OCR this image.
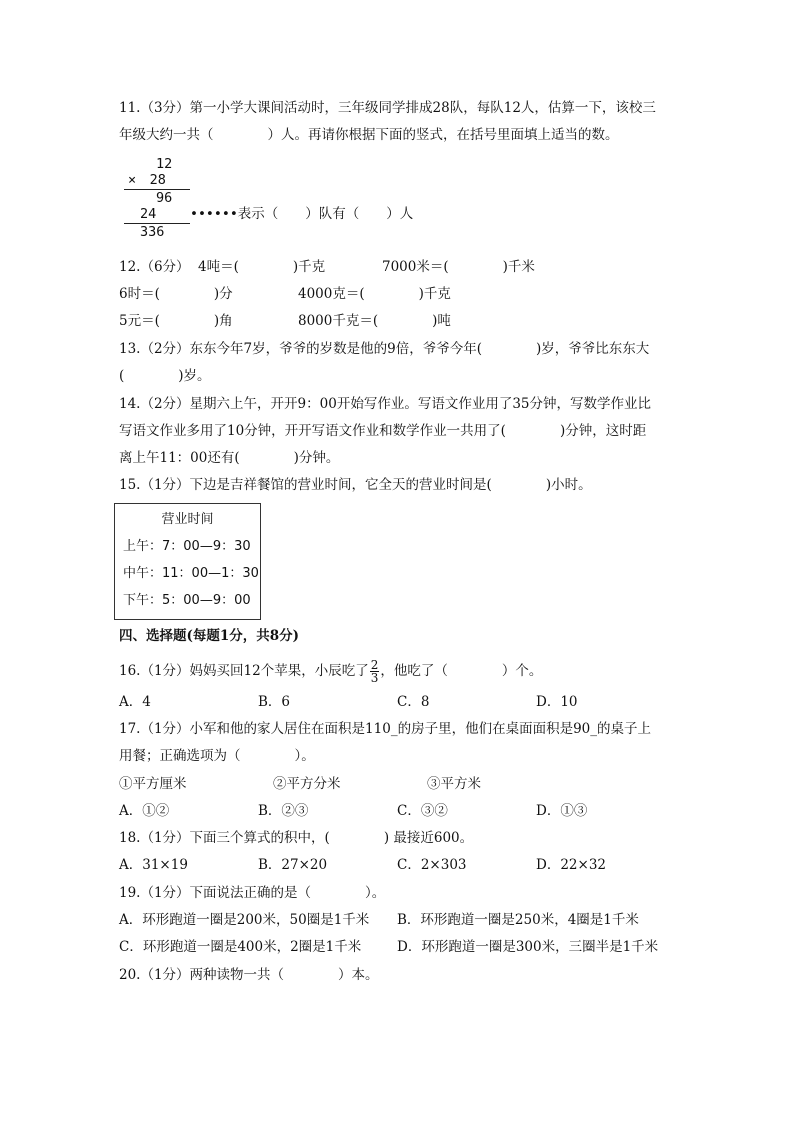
11.（3分）第一小学大课间活动时，三年级同学排成28队，每队12人，估算一下，该校三
年级大约一共（　　　　）人。再请你根据下面的竖式，在括号里面填上适当的数。
12
×　28
96
24
336
••••••表示（　　）队有（　　）人
12.（6分） 4吨＝(　　　　)千克	7000米＝(　　　　)千米
6时＝(　　　　)分	4000克＝(　　　　)千克
5元＝(　　　　)角	8000千克＝(　　　　)吨
13.（2分）东东今年7岁，爷爷的岁数是他的9倍，爷爷今年(　　　　)岁，爷爷比东东大
(　　　　)岁。
14.（2分）星期六上午，开开9：00开始写作业。写语文作业用了35分钟，写数学作业比
写语文作业多用了10分钟，开开写语文作业和数学作业一共用了(　　　　)分钟，这时距
离上午11：00还有(　　　　)分钟。
15.（1分）下边是吉祥餐馆的营业时间，它全天的营业时间是(　　　　)小时。
营业时间
上午：7：00—9：30
中午：11：00—1：30
下午：5：00—9：00
四、选择题(每题1分，共8分)
16.（1分）妈妈买回12个苹果，小辰吃了 $\frac{2}{3}$ ，他吃了（　　　　）个。
A．4	B．6	C．8	D．10
17.（1分）小军和他的家人居住在面积是110_的房子里，他们在桌面面积是90_的桌子上
用餐；正确选项为（　　　　）。
①平方厘米	②平方分米	③平方米
A．①②	B．②③	C．③②	D．①③
18.（1分）下面三个算式的积中，(　　　　) 最接近600。
A．31×19	B．27×20	C．2×303	D．22×32
19.（1分）下面说法正确的是（　　　　）。
A．环形跑道一圈是200米，50圈是1千米 B．环形跑道一圈是250米，4圈是1千米
C．环形跑道一圈是400米，2圈是1千米	D．环形跑道一圈是300米，三圈半是1千米
20.（1分）两种读物一共（　　　　）本。
